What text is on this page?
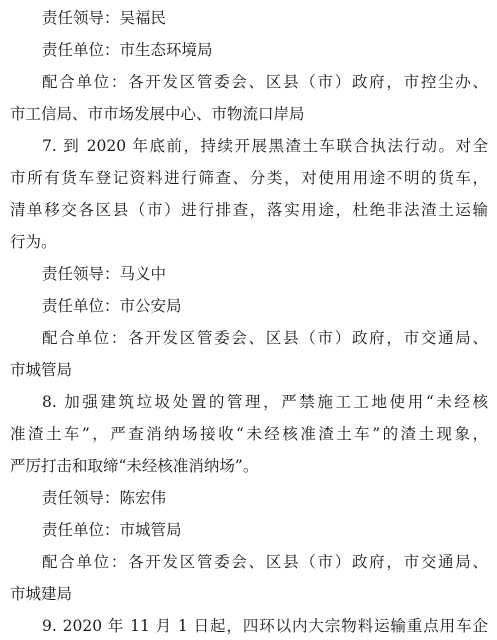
责任领导：吴福民
责任单位：市生态环境局
配合单位：各开发区管委会、区县（市）政府，市控尘办、
市工信局、市市场发展中心、市物流口岸局
7. 到 2020 年底前，持续开展黑渣土车联合执法行动。对全
市所有货车登记资料进行筛查、分类，对使用用途不明的货车，
清单移交各区县（市）进行排查，落实用途，杜绝非法渣土运输
行为。
责任领导：马义中
责任单位：市公安局
配合单位：各开发区管委会、区县（市）政府，市交通局、
市城管局
8. 加强建筑垃圾处置的管理，严禁施工工地使用“未经核
准渣土车”，严查消纳场接收“未经核准渣土车”的渣土现象，
严厉打击和取缔“未经核准消纳场”。
责任领导：陈宏伟
责任单位：市城管局
配合单位：各开发区管委会、区县（市）政府，市交通局、
市城建局
9. 2020 年 11 月 1 日起，四环以内大宗物料运输重点用车企
